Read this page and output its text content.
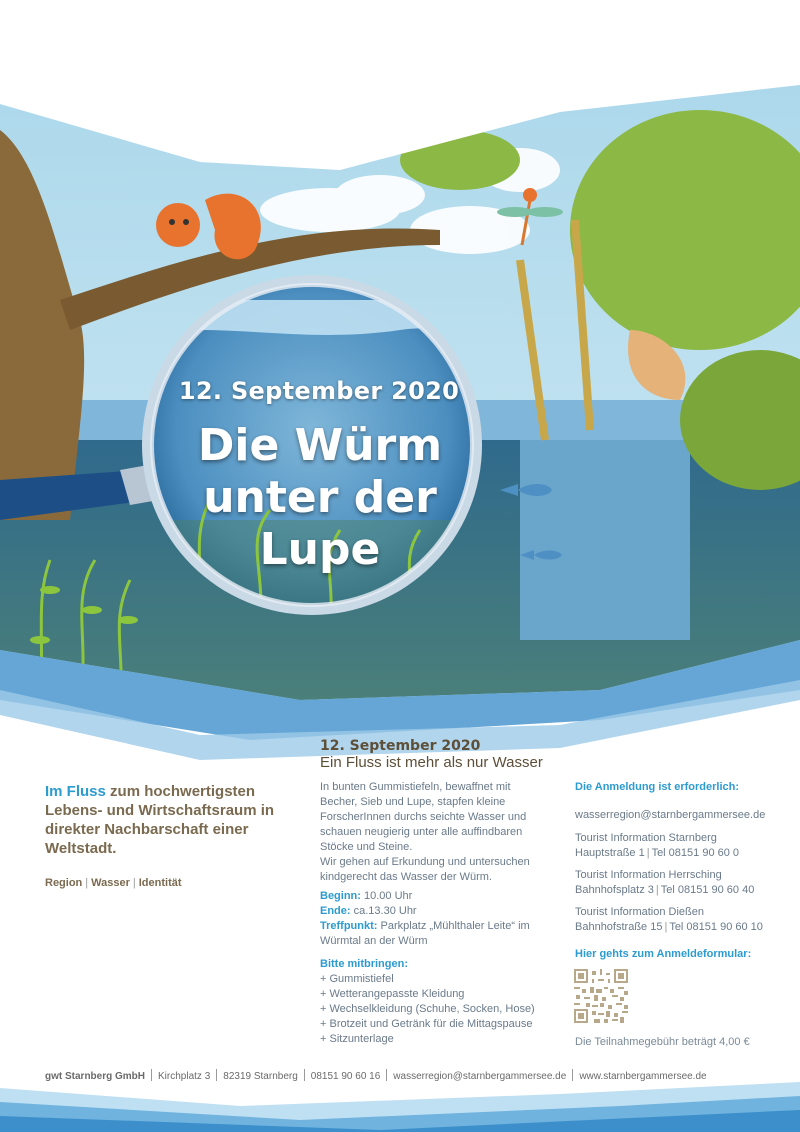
12. September 2020
Die Würm
unter der
Lupe
Im Fluss zum hochwertigsten Lebens- und Wirtschaftsraum in direkter Nachbarschaft einer Weltstadt.
Region | Wasser | Identität
12. September 2020
Ein Fluss ist mehr als nur Wasser

In bunten Gummistiefeln, bewaffnet mit Becher, Sieb und Lupe, stapfen kleine ForscherInnen durchs seichte Wasser und schauen neugierig unter alle auffindbaren Stöcke und Steine.

Wir gehen auf Erkundung und untersuchen kindgerecht das Wasser der Würm.

Beginn: 10.00 Uhr
Ende: ca.13.30 Uhr
Treffpunkt: Parkplatz „Mühlthaler Leite“ im Würmtal an der Würm
Bitte mitbringen:
+ Gummistiefel
+ Wetterangepasste Kleidung
+ Wechselkleidung (Schuhe, Socken, Hose)
+ Brotzeit und Getränk für die Mittagspause
+ Sitzunterlage
Die Anmeldung ist erforderlich:
wasserregion@starnbergammersee.de
Tourist Information Starnberg
Hauptstraße 1 | Tel 08151 90 60 0
Tourist Information Herrsching
Bahnhofsplatz 3 | Tel 08151 90 60 40
Tourist Information Dießen
Bahnhofstraße 15 | Tel 08151 90 60 10
Hier gehts zum Anmeldeformular:
Die Teilnahmegebühr beträgt 4,00 €
gwt Starnberg GmbH Kirchplatz 3 82319 Starnberg 08151 90 60 16 wasserregion@starnbergammersee.de www.starnbergammersee.de
